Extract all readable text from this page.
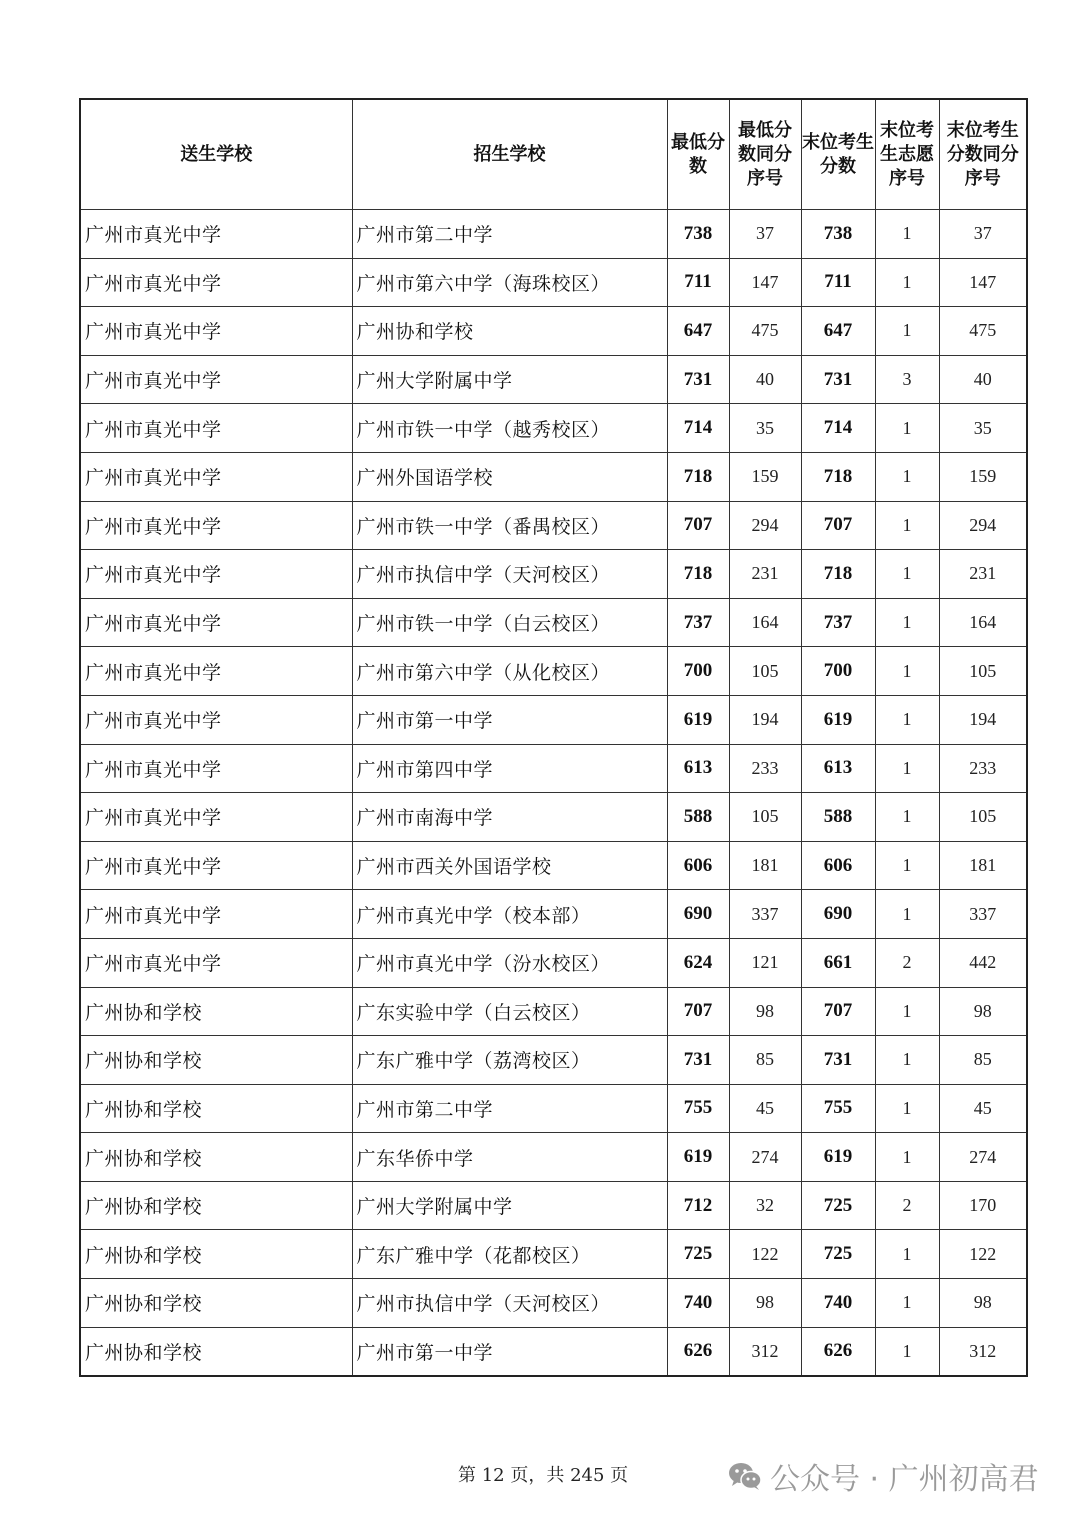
送生学校	招生学校	最低分数	最低分数同分序号	末位考生分数	末位考生志愿序号	末位考生分数同分序号
广州市真光中学	广州市第二中学	738	37	738	1	37
广州市真光中学	广州市第六中学（海珠校区）	711	147	711	1	147
广州市真光中学	广州协和学校	647	475	647	1	475
广州市真光中学	广州大学附属中学	731	40	731	3	40
广州市真光中学	广州市铁一中学（越秀校区）	714	35	714	1	35
广州市真光中学	广州外国语学校	718	159	718	1	159
广州市真光中学	广州市铁一中学（番禺校区）	707	294	707	1	294
广州市真光中学	广州市执信中学（天河校区）	718	231	718	1	231
广州市真光中学	广州市铁一中学（白云校区）	737	164	737	1	164
广州市真光中学	广州市第六中学（从化校区）	700	105	700	1	105
广州市真光中学	广州市第一中学	619	194	619	1	194
广州市真光中学	广州市第四中学	613	233	613	1	233
广州市真光中学	广州市南海中学	588	105	588	1	105
广州市真光中学	广州市西关外国语学校	606	181	606	1	181
广州市真光中学	广州市真光中学（校本部）	690	337	690	1	337
广州市真光中学	广州市真光中学（汾水校区）	624	121	661	2	442
广州协和学校	广东实验中学（白云校区）	707	98	707	1	98
广州协和学校	广东广雅中学（荔湾校区）	731	85	731	1	85
广州协和学校	广州市第二中学	755	45	755	1	45
广州协和学校	广东华侨中学	619	274	619	1	274
广州协和学校	广州大学附属中学	712	32	725	2	170
广州协和学校	广东广雅中学（花都校区）	725	122	725	1	122
广州协和学校	广州市执信中学（天河校区）	740	98	740	1	98
广州协和学校	广州市第一中学	626	312	626	1	312
第 12 页，共 245 页	公众号 · 广州初高君
